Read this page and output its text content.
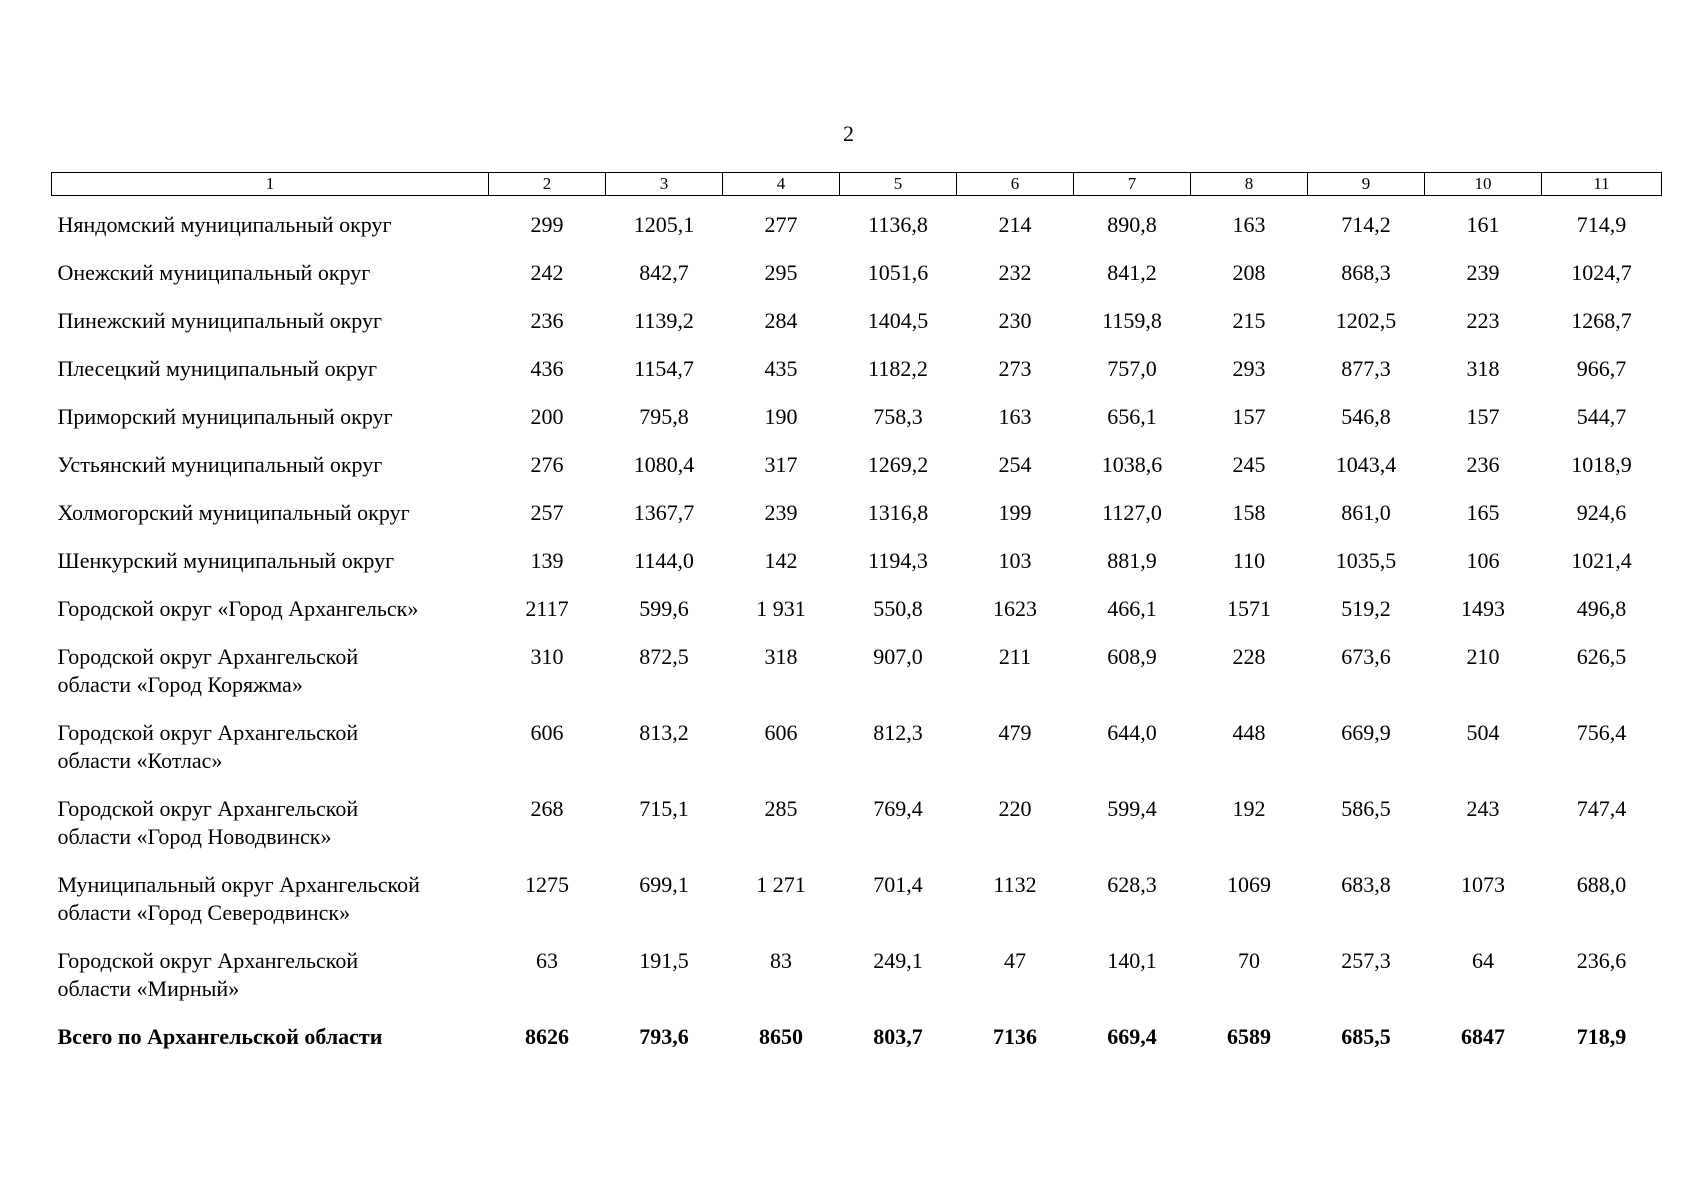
2
1	2	3	4	5	6	7	8	9	10	11
Няндомский муниципальный округ	299	1205,1	277	1136,8	214	890,8	163	714,2	161	714,9
Онежский муниципальный округ	242	842,7	295	1051,6	232	841,2	208	868,3	239	1024,7
Пинежский муниципальный округ	236	1139,2	284	1404,5	230	1159,8	215	1202,5	223	1268,7
Плесецкий муниципальный округ	436	1154,7	435	1182,2	273	757,0	293	877,3	318	966,7
Приморский муниципальный округ	200	795,8	190	758,3	163	656,1	157	546,8	157	544,7
Устьянский муниципальный округ	276	1080,4	317	1269,2	254	1038,6	245	1043,4	236	1018,9
Холмогорский муниципальный округ	257	1367,7	239	1316,8	199	1127,0	158	861,0	165	924,6
Шенкурский муниципальный округ	139	1144,0	142	1194,3	103	881,9	110	1035,5	106	1021,4
Городской округ «Город Архангельск»	2117	599,6	1 931	550,8	1623	466,1	1571	519,2	1493	496,8
Городской округ Архангельской
области «Город Коряжма»	310	872,5	318	907,0	211	608,9	228	673,6	210	626,5
Городской округ Архангельской
области «Котлас»	606	813,2	606	812,3	479	644,0	448	669,9	504	756,4
Городской округ Архангельской
области «Город Новодвинск»	268	715,1	285	769,4	220	599,4	192	586,5	243	747,4
Муниципальный округ Архангельской
области «Город Северодвинск»	1275	699,1	1 271	701,4	1132	628,3	1069	683,8	1073	688,0
Городской округ Архангельской
области «Мирный»	63	191,5	83	249,1	47	140,1	70	257,3	64	236,6
Всего по Архангельской области	8626	793,6	8650	803,7	7136	669,4	6589	685,5	6847	718,9
